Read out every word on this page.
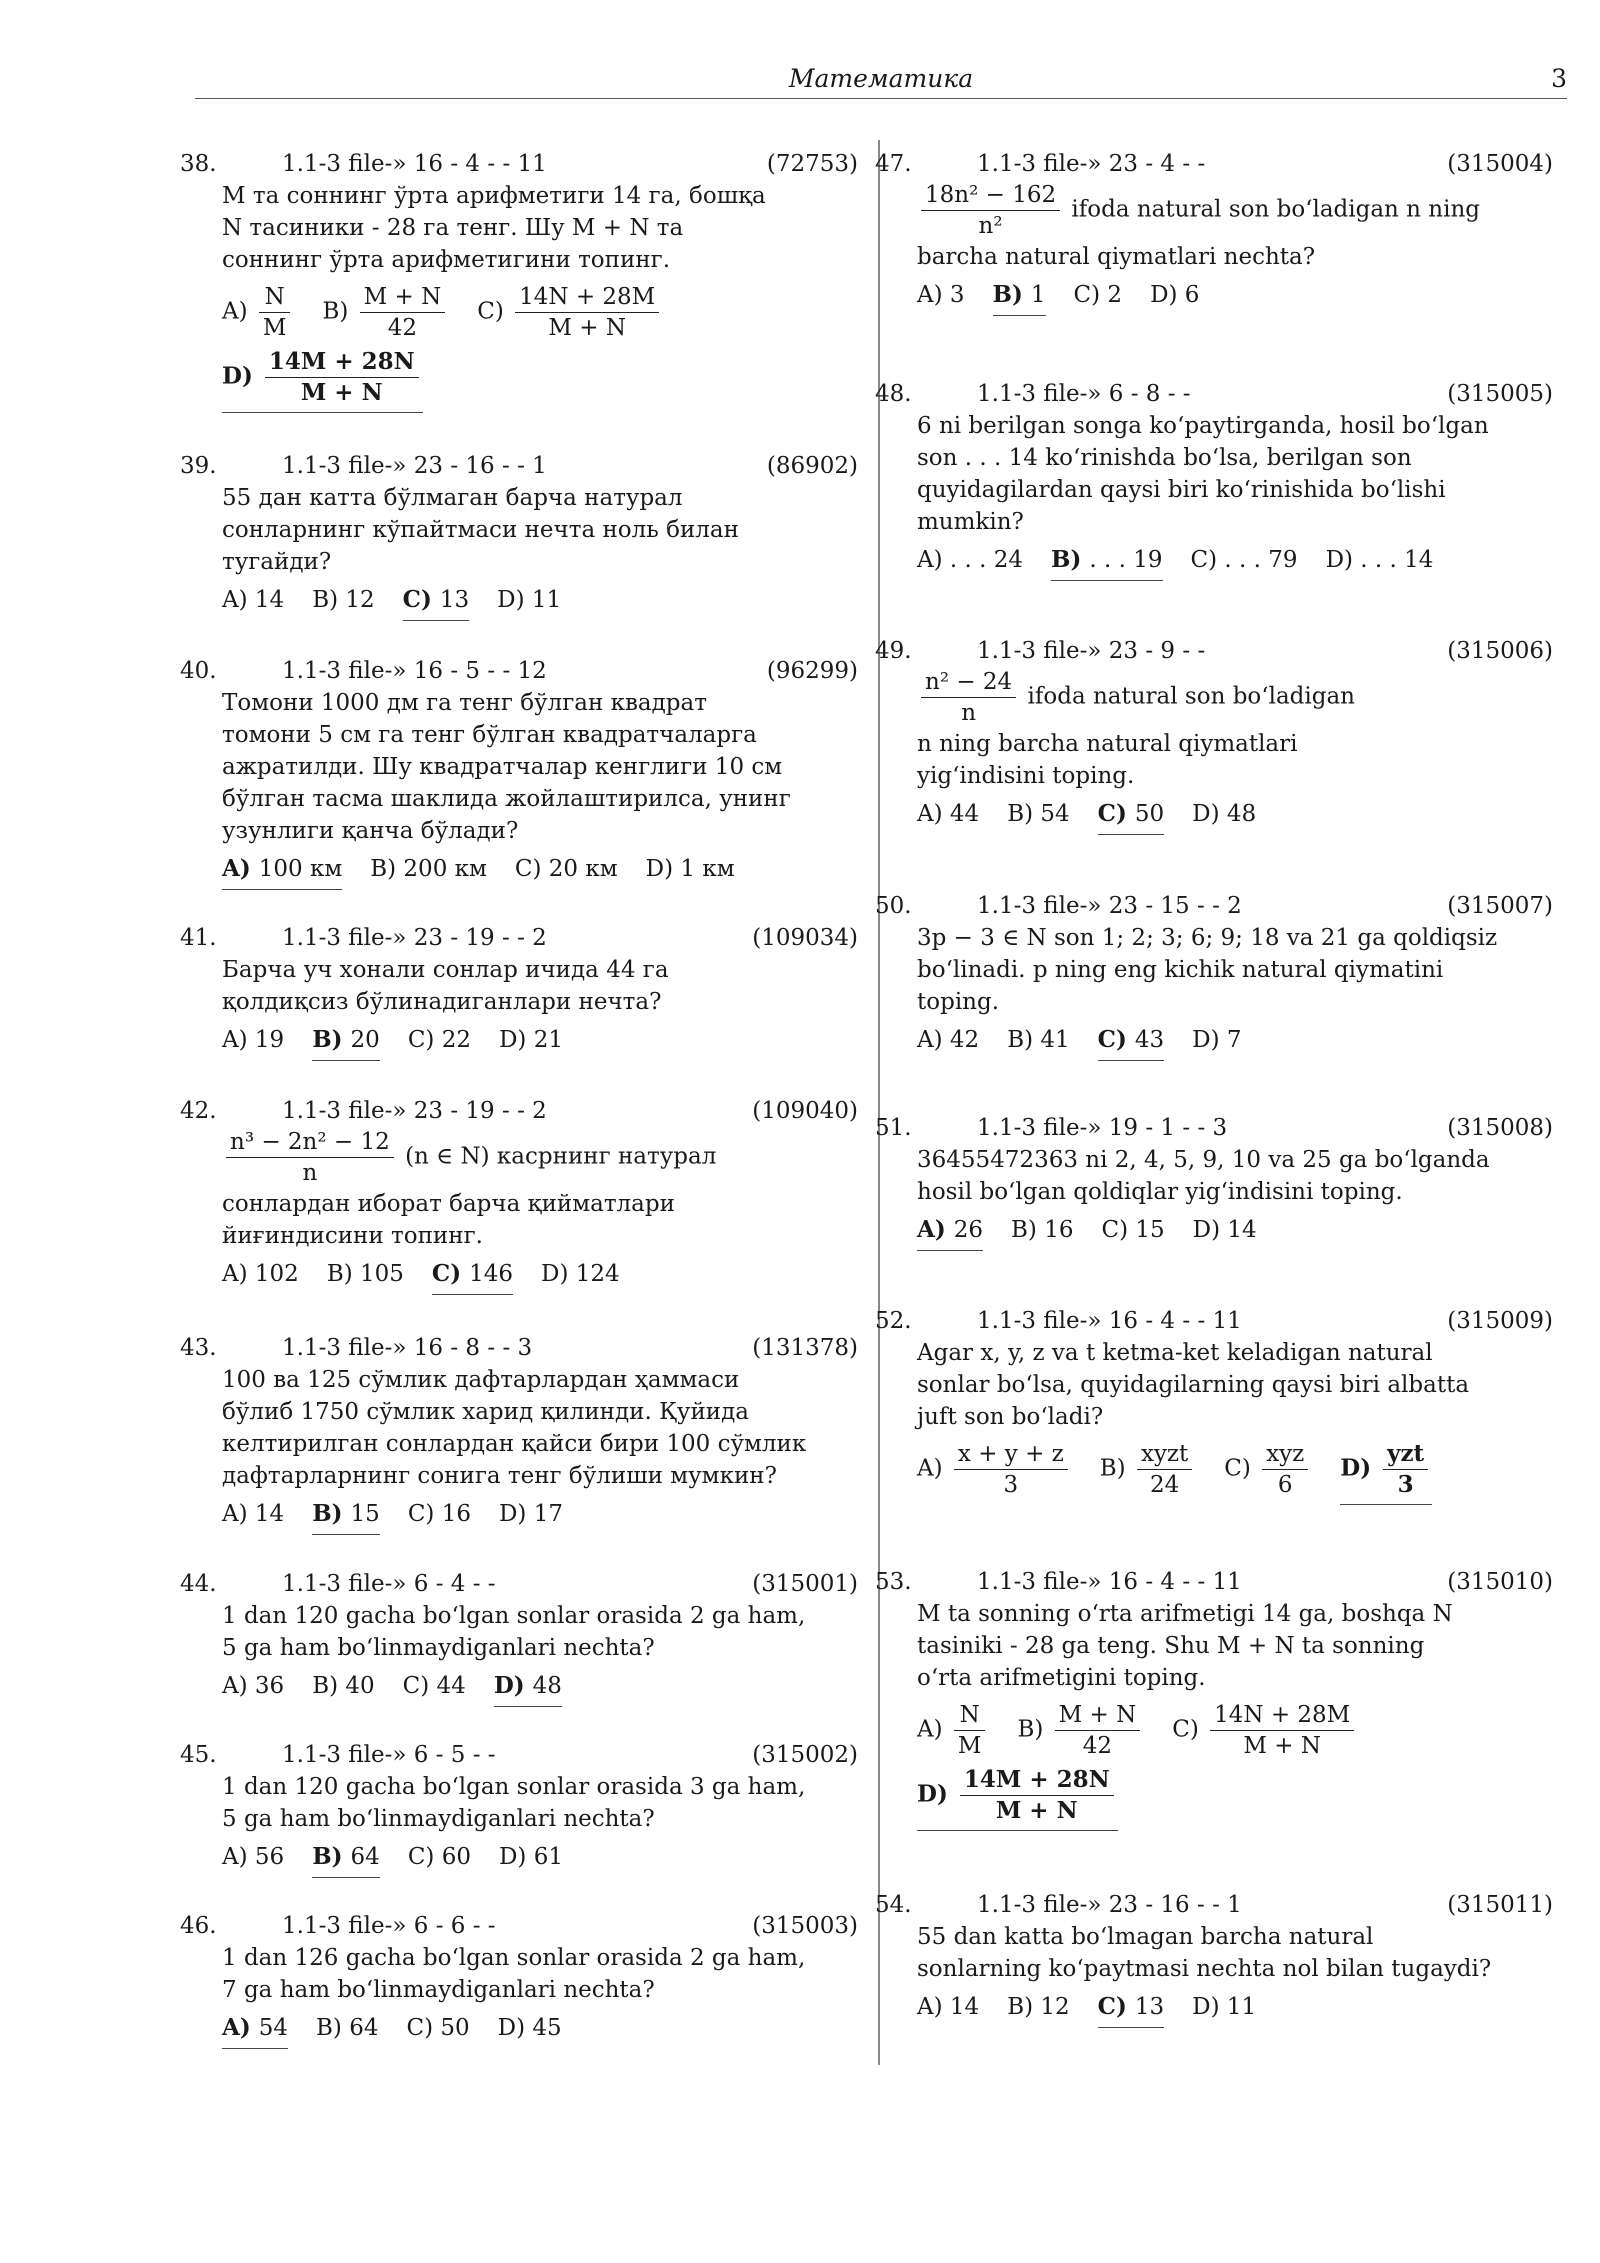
Математика	3
38.	1.1-3 file-» 16 - 4 - - 11	(72753)
M та соннинг ўрта арифметиги 14 га, бошқа
N тасиники - 28 га тенг. Шу M + N та
соннинг ўрта арифметигини топинг.
$A) \frac{N}{M} B) \frac{M + N}{42} C) \frac{14N + 28M}{M + N}$
$D) \frac{14M + 28N}{M + N}$
39.	1.1-3 file-» 23 - 16 - - 1	(86902)
55 дан катта бўлмаган барча натурал
сонларнинг кўпайтмаси нечта ноль билан
тугайди?
A) 14 B) 12 C) 13 D) 11
40.	1.1-3 file-» 16 - 5 - - 12	(96299)
Томони 1000 дм га тенг бўлган квадрат
томони 5 см га тенг бўлган квадратчаларга
ажратилди. Шу квадратчалар кенглиги 10 см
бўлган тасма шаклида жойлаштирилса, унинг
узунлиги қанча бўлади?
A) 100 км B) 200 км C) 20 км D) 1 км
41.	1.1-3 file-» 23 - 19 - - 2	(109034)
Барча уч хонали сонлар ичида 44 га
қолдиқсиз бўлинадиганлари нечта?
A) 19 B) 20 C) 22 D) 21
42.	1.1-3 file-» 23 - 19 - - 2	(109040)
$\frac{\text{n³ − 2n² − 12}}{n} (n$ ∈ N) касрнинг натурал
сонлардан иборат барча қийматлари
йиғиндисини топинг.
A) 102 B) 105 C) 146 D) 124
43.	1.1-3 file-» 16 - 8 - - 3	(131378)
100 ва 125 сўмлик дафтарлардан ҳаммаси
бўлиб 1750 сўмлик харид қилинди. Қуйида
келтирилган сонлардан қайси бири 100 сўмлик
дафтарларнинг сонига тенг бўлиши мумкин?
A) 14 B) 15 C) 16 D) 17
44.	1.1-3 file-» 6 - 4 - -	(315001)
1 dan 120 gacha bo‘lgan sonlar orasida 2 ga ham,
5 ga ham bo‘linmaydiganlari nechta?
A) 36 B) 40 C) 44 D) 48
45.	1.1-3 file-» 6 - 5 - -	(315002)
1 dan 120 gacha bo‘lgan sonlar orasida 3 ga ham,
5 ga ham bo‘linmaydiganlari nechta?
A) 56 B) 64 C) 60 D) 61
46.	1.1-3 file-» 6 - 6 - -	(315003)
1 dan 126 gacha bo‘lgan sonlar orasida 2 ga ham,
7 ga ham bo‘linmaydiganlari nechta?
A) 54 B) 64 C) 50 D) 45
47.	1.1-3 file-» 23 - 4 - -	(315004)
$\frac{\text{18n² − 162}}{\text{n²}}$ ifoda natural son bo‘ladigan n ning
barcha natural qiymatlari nechta?
A) 3 B) 1 C) 2 D) 6
48.	1.1-3 file-» 6 - 8 - -	(315005)
6 ni berilgan songa ko‘paytirganda, hosil bo‘lgan
son . . . 14 ko‘rinishda bo‘lsa, berilgan son
quyidagilardan qaysi biri ko‘rinishida bo‘lishi
mumkin?
A) . . . 24 B) . . . 19 C) . . . 79 D) . . . 14
49.	1.1-3 file-» 23 - 9 - -	(315006)
$\frac{\text{n² − 24}}{n}$ ifoda natural son bo‘ladigan
n ning barcha natural qiymatlari
yig‘indisini toping.
A) 44 B) 54 C) 50 D) 48
50.	1.1-3 file-» 23 - 15 - - 2	(315007)
3p − 3 ∈ N son 1; 2; 3; 6; 9; 18 va 21 ga qoldiqsiz
bo‘linadi. p ning eng kichik natural qiymatini
toping.
A) 42 B) 41 C) 43 D) 7
51.	1.1-3 file-» 19 - 1 - - 3	(315008)
36455472363 ni 2, 4, 5, 9, 10 va 25 ga bo‘lganda
hosil bo‘lgan qoldiqlar yig‘indisini toping.
A) 26 B) 16 C) 15 D) 14
52.	1.1-3 file-» 16 - 4 - - 11	(315009)
Agar x, y, z va t ketma-ket keladigan natural
sonlar bo‘lsa, quyidagilarning qaysi biri albatta
juft son bo‘ladi?
$A) \frac{x + y + z}{3} B) \frac{\text{xyzt}}{24} C) \frac{\text{xyz}}{6} D) \frac{\text{yzt}}{3}$
53.	1.1-3 file-» 16 - 4 - - 11	(315010)
M ta sonning o‘rta arifmetigi 14 ga, boshqa N
tasiniki - 28 ga teng. Shu M + N ta sonning
o‘rta arifmetigini toping.
$A) \frac{N}{M} B) \frac{M + N}{42} C) \frac{14N + 28M}{M + N}$
$D) \frac{14M + 28N}{M + N}$
54.	1.1-3 file-» 23 - 16 - - 1	(315011)
55 dan katta bo‘lmagan barcha natural
sonlarning ko‘paytmasi nechta nol bilan tugaydi?
A) 14 B) 12 C) 13 D) 11
